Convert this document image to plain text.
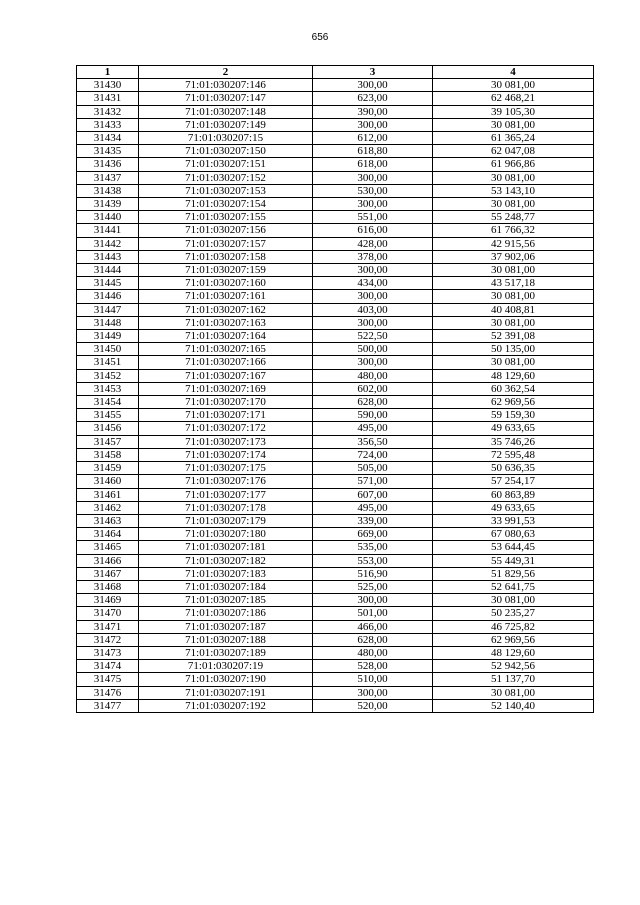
656
1	2	3	4
31430	71:01:030207:146	300,00	30 081,00
31431	71:01:030207:147	623,00	62 468,21
31432	71:01:030207:148	390,00	39 105,30
31433	71:01:030207:149	300,00	30 081,00
31434	71:01:030207:15	612,00	61 365,24
31435	71:01:030207:150	618,80	62 047,08
31436	71:01:030207:151	618,00	61 966,86
31437	71:01:030207:152	300,00	30 081,00
31438	71:01:030207:153	530,00	53 143,10
31439	71:01:030207:154	300,00	30 081,00
31440	71:01:030207:155	551,00	55 248,77
31441	71:01:030207:156	616,00	61 766,32
31442	71:01:030207:157	428,00	42 915,56
31443	71:01:030207:158	378,00	37 902,06
31444	71:01:030207:159	300,00	30 081,00
31445	71:01:030207:160	434,00	43 517,18
31446	71:01:030207:161	300,00	30 081,00
31447	71:01:030207:162	403,00	40 408,81
31448	71:01:030207:163	300,00	30 081,00
31449	71:01:030207:164	522,50	52 391,08
31450	71:01:030207:165	500,00	50 135,00
31451	71:01:030207:166	300,00	30 081,00
31452	71:01:030207:167	480,00	48 129,60
31453	71:01:030207:169	602,00	60 362,54
31454	71:01:030207:170	628,00	62 969,56
31455	71:01:030207:171	590,00	59 159,30
31456	71:01:030207:172	495,00	49 633,65
31457	71:01:030207:173	356,50	35 746,26
31458	71:01:030207:174	724,00	72 595,48
31459	71:01:030207:175	505,00	50 636,35
31460	71:01:030207:176	571,00	57 254,17
31461	71:01:030207:177	607,00	60 863,89
31462	71:01:030207:178	495,00	49 633,65
31463	71:01:030207:179	339,00	33 991,53
31464	71:01:030207:180	669,00	67 080,63
31465	71:01:030207:181	535,00	53 644,45
31466	71:01:030207:182	553,00	55 449,31
31467	71:01:030207:183	516,90	51 829,56
31468	71:01:030207:184	525,00	52 641,75
31469	71:01:030207:185	300,00	30 081,00
31470	71:01:030207:186	501,00	50 235,27
31471	71:01:030207:187	466,00	46 725,82
31472	71:01:030207:188	628,00	62 969,56
31473	71:01:030207:189	480,00	48 129,60
31474	71:01:030207:19	528,00	52 942,56
31475	71:01:030207:190	510,00	51 137,70
31476	71:01:030207:191	300,00	30 081,00
31477	71:01:030207:192	520,00	52 140,40
